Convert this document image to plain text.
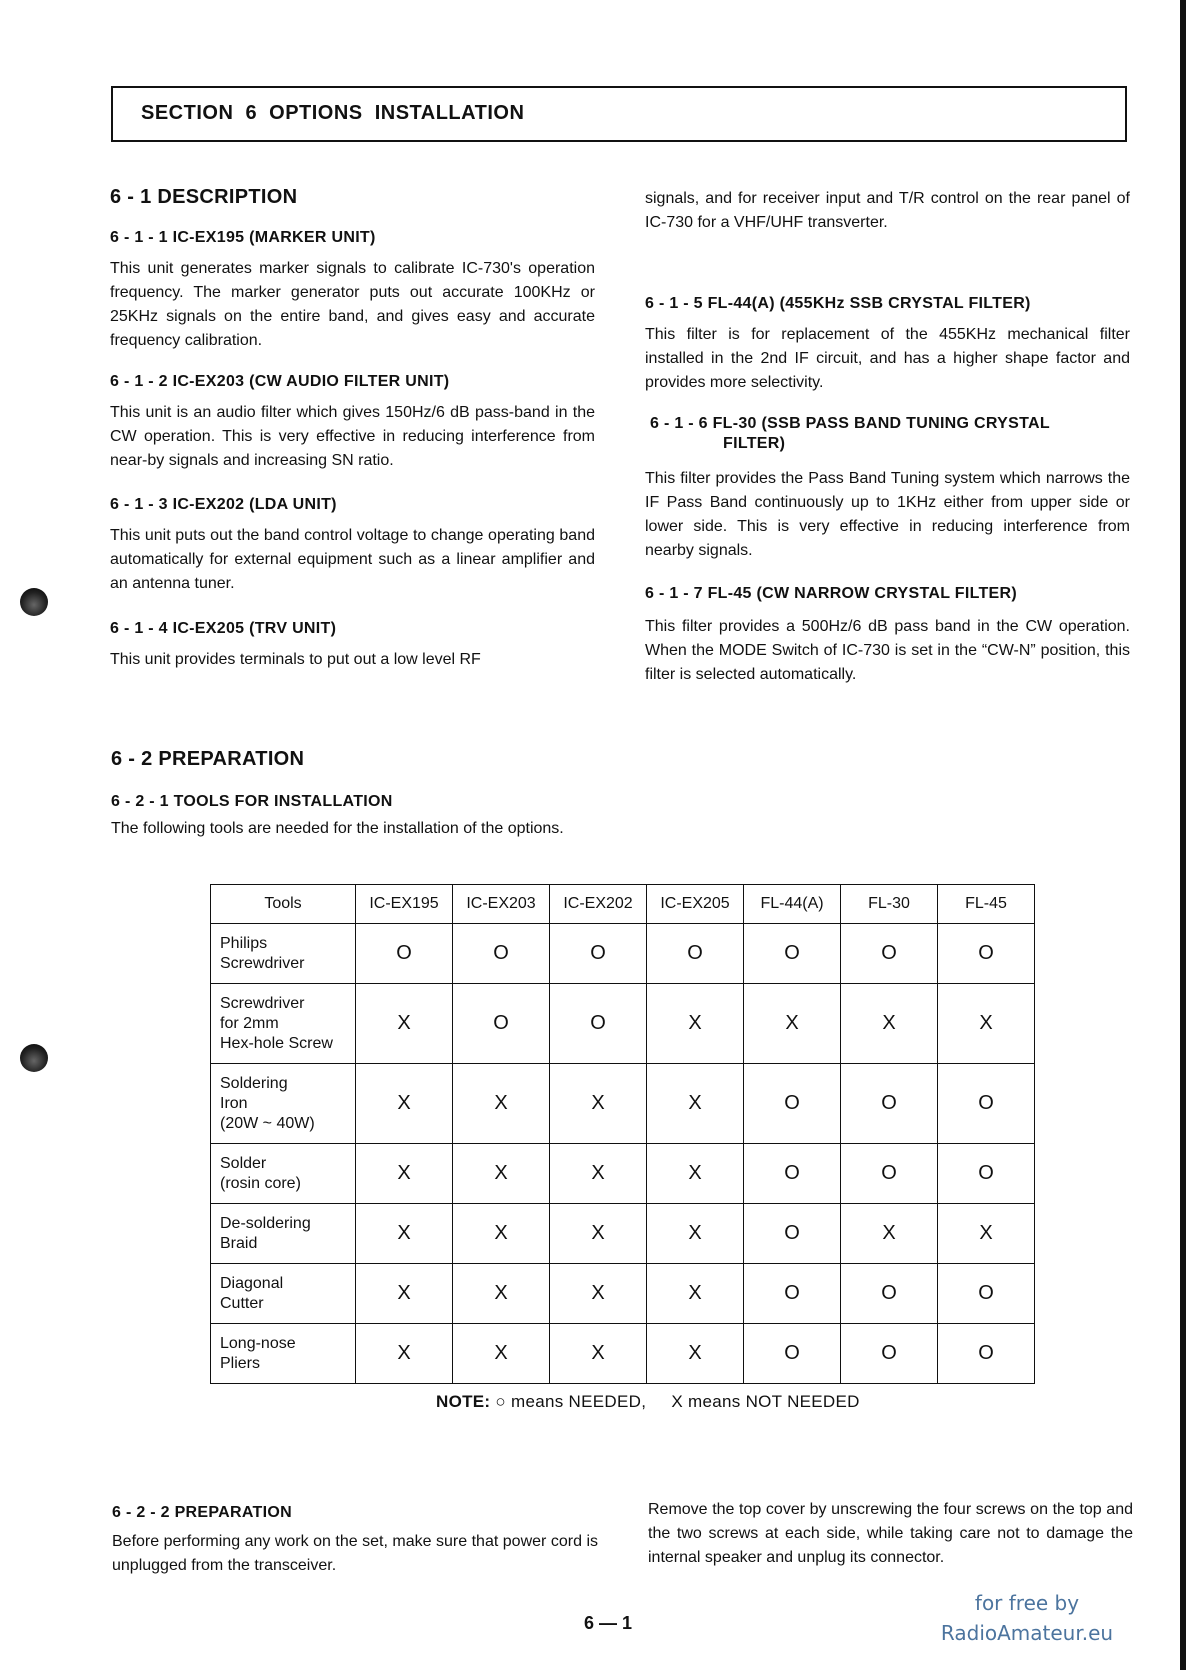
SECTION 6 OPTIONS INSTALLATION
6 - 1 DESCRIPTION
6 - 1 - 1 IC-EX195 (MARKER UNIT)

This unit generates marker signals to calibrate IC-730's operation frequency. The marker generator puts out accurate 100KHz or 25KHz signals on the entire band, and gives easy and accurate frequency calibration.

6 - 1 - 2 IC-EX203 (CW AUDIO FILTER UNIT)

This unit is an audio filter which gives 150Hz/6 dB pass-band in the CW operation. This is very effective in reducing interference from near-by signals and increasing SN ratio.

6 - 1 - 3 IC-EX202 (LDA UNIT)

This unit puts out the band control voltage to change operating band automatically for external equipment such as a linear amplifier and an antenna tuner.

6 - 1 - 4 IC-EX205 (TRV UNIT)

This unit provides terminals to put out a low level RF

signals, and for receiver input and T/R control on the rear panel of IC-730 for a VHF/UHF transverter.

6 - 1 - 5 FL-44(A) (455KHz SSB CRYSTAL FILTER)

This filter is for replacement of the 455KHz mechanical filter installed in the 2nd IF circuit, and has a higher shape factor and provides more selectivity.

6 - 1 - 6 FL-30 (SSB PASS BAND TUNING CRYSTAL
FILTER)

This filter provides the Pass Band Tuning system which narrows the IF Pass Band continuously up to 1KHz either from upper side or lower side. This is very effective in reducing interference from nearby signals.

6 - 1 - 7 FL-45 (CW NARROW CRYSTAL FILTER)

This filter provides a 500Hz/6 dB pass band in the CW operation. When the MODE Switch of IC-730 is set in the “CW-N” position, this filter is selected automatically.

6 - 2 PREPARATION
6 - 2 - 1 TOOLS FOR INSTALLATION

The following tools are needed for the installation of the options.

Tools	IC-EX195	IC-EX203	IC-EX202	IC-EX205	FL-44(A)	FL-30	FL-45

Philips
Screwdriver	O	O	O	O	O	O	O

Screwdriver
for 2mm
Hex-hole Screw	X	O	O	X	X	X	X

Soldering
Iron
(20W ~ 40W)	X	X	X	X	O	O	O

Solder
(rosin core)	X	X	X	X	O	O	O

De-soldering
Braid	X	X	X	X	O	X	X

Diagonal
Cutter	X	X	X	X	O	O	O

Long-nose
Pliers	X	X	X	X	O	O	O
NOTE: ○ means NEEDED, X means NOT NEEDED
6 - 2 - 2 PREPARATION

Before performing any work on the set, make sure that power cord is unplugged from the transceiver.

Remove the top cover by unscrewing the four screws on the top and the two screws at each side, while taking care not to damage the internal speaker and unplug its connector.

6 — 1
for free by
RadioAmateur.eu
